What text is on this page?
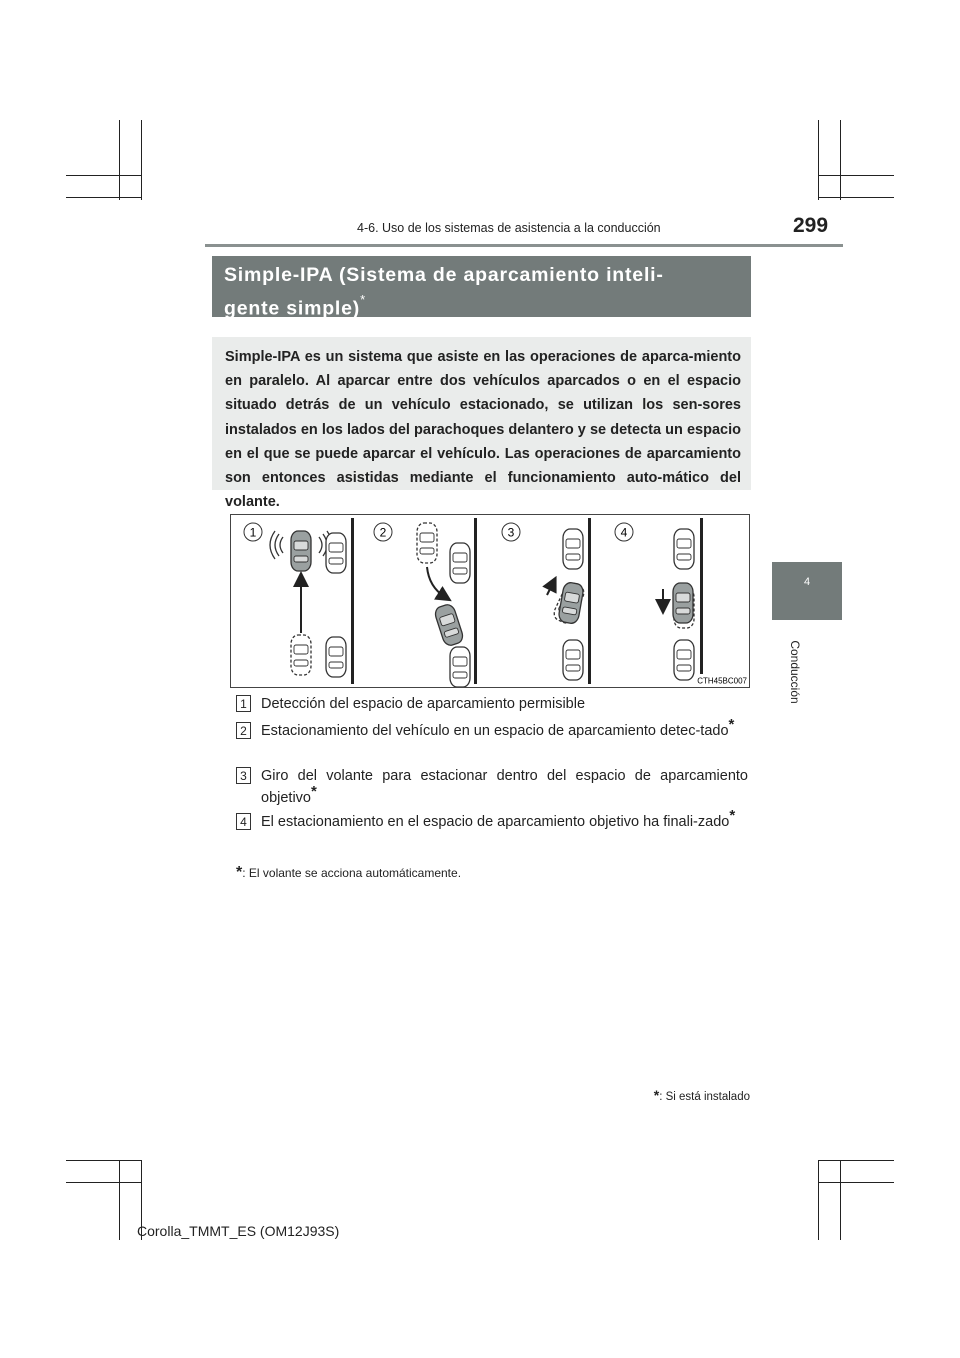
4-6. Uso de los sistemas de asistencia a la conducción	299
4
Conducción
Simple-IPA (Sistema de aparcamiento inteli-
gente simple)*
Simple-IPA es un sistema que asiste en las operaciones de aparca-miento en paralelo. Al aparcar entre dos vehículos aparcados o en el espacio situado detrás de un vehículo estacionado, se utilizan los sen-sores instalados en los lados del parachoques delantero y se detecta un espacio en el que se puede aparcar el vehículo. Las operaciones de aparcamiento son entonces asistidas mediante el funcionamiento auto-mático del volante.
1	2	3	4
CTH45BC007
1 Detección del espacio de aparcamiento permisible
2 Estacionamiento del vehículo en un espacio de aparcamiento detec-tado*
3 Giro del volante para estacionar dentro del espacio de aparcamiento objetivo*
4 El estacionamiento en el espacio de aparcamiento objetivo ha finali-zado*
*: El volante se acciona automáticamente.
*: Si está instalado
Corolla_TMMT_ES (OM12J93S)
